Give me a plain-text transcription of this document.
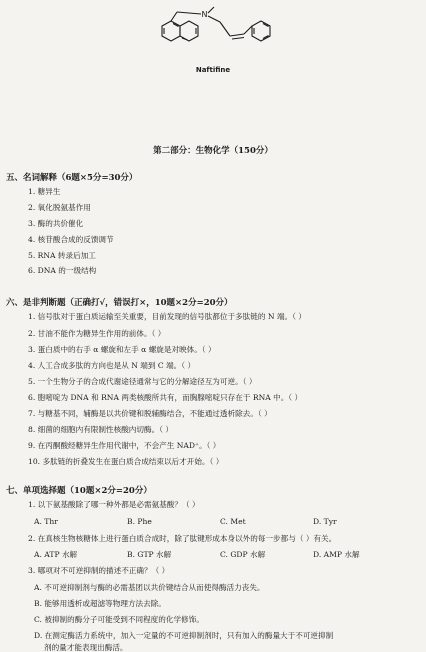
N
Naftifine
第二部分：生物化学（150分）
五、名词解释（6题×5分=30分）
1. 糖异生
2. 氧化脱氨基作用
3. 酶的共价催化
4. 核苷酸合成的反馈调节
5. RNA 转录后加工
6. DNA 的一级结构
六、是非判断题（正确打√，错误打×，10题×2分=20分）
1. 信号肽对于蛋白质运输至关重要，目前发现的信号肽都位于多肽链的 N 端。（ ）
2. 甘油不能作为糖异生作用的前体。（ ）
3. 蛋白质中的右手 α 螺旋和左手 α 螺旋是对映体。（ ）
4. 人工合成多肽的方向也是从 N 端到 C 端。（ ）
5. 一个生物分子的合成代谢途径通常与它的分解途径互为可逆。（ ）
6. 胞嘧啶为 DNA 和 RNA 两类核酸所共有，而胸腺嘧啶只存在于 RNA 中。（ ）
7. 与糖基不同，辅酶是以共价键和脱辅酶结合，不能通过透析除去。（ ）
8. 细菌的细胞内有限制性核酸内切酶。（ ）
9. 在丙酮酸经糖异生作用代谢中，不会产生 NAD⁺。（ ）
10. 多肽链的折叠发生在蛋白质合成结束以后才开始。（ ）
七、单项选择题（10题×2分=20分）
1. 以下氨基酸除了哪一种外都是必需氨基酸？（ ）
A. Thr	B. Phe	C. Met	D. Tyr
2. 在真核生物核糖体上进行蛋白质合成时，除了肽键形成本身以外的每一步都与（ ）有关。
A. ATP 水解	B. GTP 水解	C. GDP 水解	D. AMP 水解
3. 哪项对不可逆抑制的描述不正确？（ ）
A. 不可逆抑制剂与酶的必需基团以共价键结合从而使得酶活力丧失。
B. 能够用透析或超滤等物理方法去除。
C. 被抑制的酶分子可能受到不同程度的化学修饰。
D. 在测定酶活力系统中，加入一定量的不可逆抑制剂时，只有加入的酶量大于不可逆抑制
剂的量才能表现出酶活。
